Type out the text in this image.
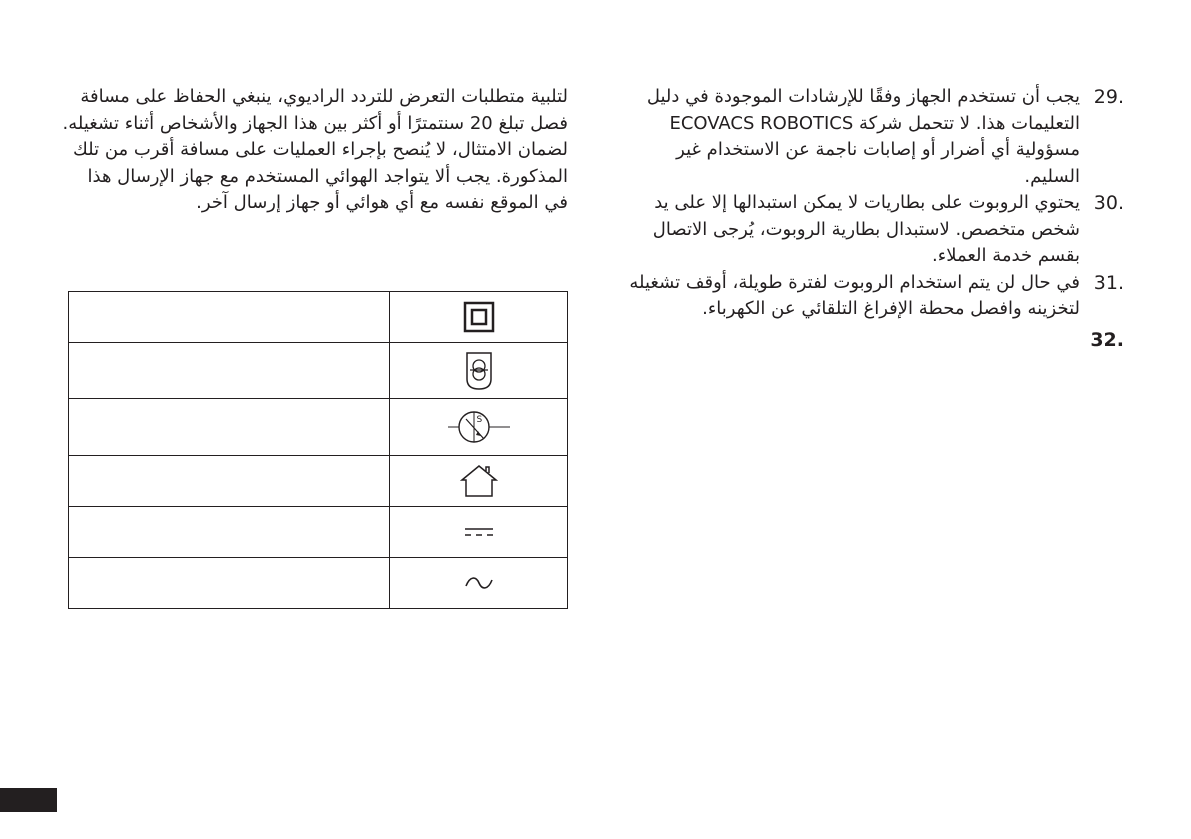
29.
يجب أن تستخدم الجهاز وفقًا للإرشادات الموجودة في دليل التعليمات هذا. لا تتحمل شركة ECOVACS ROBOTICS مسؤولية أي أضرار أو إصابات ناجمة عن الاستخدام غير السليم.
30.
يحتوي الروبوت على بطاريات لا يمكن استبدالها إلا على يد شخص متخصص. لاستبدال بطارية الروبوت، يُرجى الاتصال بقسم خدمة العملاء.
31.
في حال لن يتم استخدام الروبوت لفترة طويلة، أوقف تشغيله لتخزينه وافصل محطة الإفراغ التلقائي عن الكهرباء.
32.

لتلبية متطلبات التعرض للتردد الراديوي، ينبغي الحفاظ على مسافة فصل تبلغ 20 سنتمترًا أو أكثر بين هذا الجهاز والأشخاص أثناء تشغيله. لضمان الامتثال، لا يُنصح بإجراء العمليات على مسافة أقرب من تلك المذكورة. يجب ألا يتواجد الهوائي المستخدم مع جهاز الإرسال هذا في الموقع نفسه مع أي هوائي أو جهاز إرسال آخر.

S
